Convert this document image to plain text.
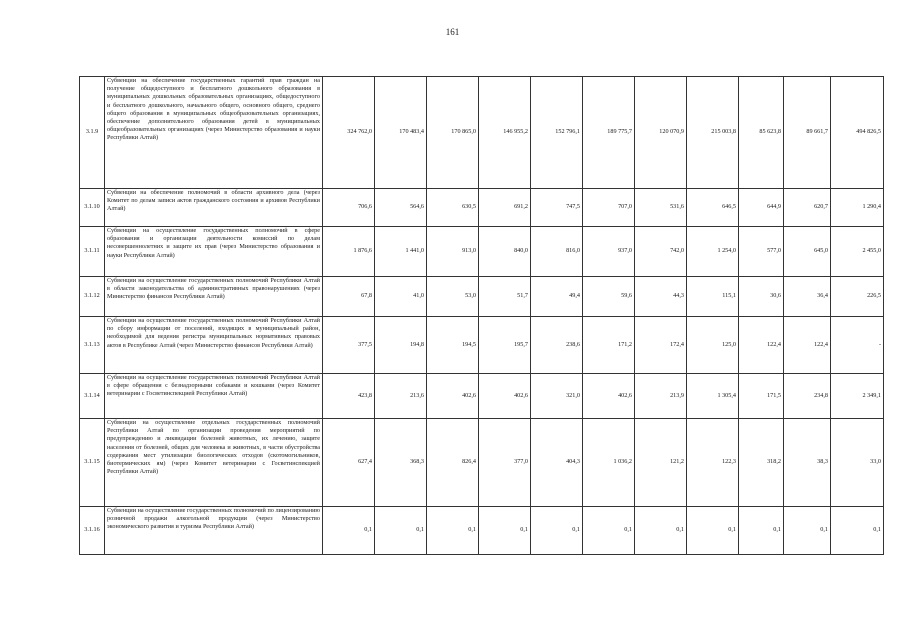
161
3.1.9	Субвенции на обеспечение государственных гарантий прав граждан на получение общедоступного и бесплатного дошкольного образования в муниципальных дошкольных образовательных организациях, общедоступного и бесплатного дошкольного, начального общего, основного общего, среднего общего образования в муниципальных общеобразовательных организациях, обеспечение дополнительного образования детей в муниципальных общеобразовательных организациях (через Министерство образования и науки Республики Алтай)	324 762,0	170 483,4	170 865,0	146 955,2	152 796,1	189 775,7	120 070,9	215 003,8	85 623,8	89 661,7	494 826,5
3.1.10	Субвенции на обеспечение полномочий в области архивного дела (через Комитет по делам записи актов гражданского состояния и архивов Республики Алтай)	706,6	564,6	630,5	691,2	747,5	707,0	531,6	646,5	644,9	620,7	1 290,4
3.1.11	Субвенции на осуществление государственных полномочий в сфере образования и организации деятельности комиссий по делам несовершеннолетних и защите их прав (через Министерство образования и науки Республики Алтай)	1 876,6	1 441,0	913,0	840,0	816,0	937,0	742,0	1 254,0	577,0	645,0	2 455,0
3.1.12	Субвенции на осуществление государственных полномочий Республики Алтай в области законодательства об административных правонарушениях (через Министерство финансов Республики Алтай)	67,8	41,0	53,0	51,7	49,4	59,6	44,3	115,1	30,6	36,4	226,5
3.1.13	Субвенции на осуществление государственных полномочий Республики Алтай по сбору информации от поселений, входящих в муниципальный район, необходимой для ведения регистра муниципальных нормативных правовых актов в Республике Алтай (через Министерство финансов Республики Алтай)	377,5	194,8	194,5	195,7	238,6	171,2	172,4	125,0	122,4	122,4	-
3.1.14	Субвенции на осуществление государственных полномочий Республики Алтай в сфере обращения с безнадзорными собаками и кошками (через Комитет ветеринарии с Госветинспекцией Республики Алтай)	423,8	213,6	402,6	402,6	321,0	402,6	213,9	1 305,4	171,5	234,8	2 349,1
3.1.15	Субвенции на осуществление отдельных государственных полномочий Республики Алтай по организации проведения мероприятий по предупреждению и ликвидации болезней животных, их лечению, защите населения от болезней, общих для человека и животных, в части обустройства содержания мест утилизации биологических отходов (скотомогильников, биотермических ям) (через Комитет ветеринарии с Госветинспекцией Республики Алтай)	627,4	368,3	826,4	377,0	404,3	1 036,2	121,2	122,3	318,2	38,3	33,0
3.1.16	Субвенции на осуществление государственных полномочий по лицензированию розничной продажи алкогольной продукции (через Министерство экономического развития и туризма Республики Алтай)	0,1	0,1	0,1	0,1	0,1	0,1	0,1	0,1	0,1	0,1	0,1
